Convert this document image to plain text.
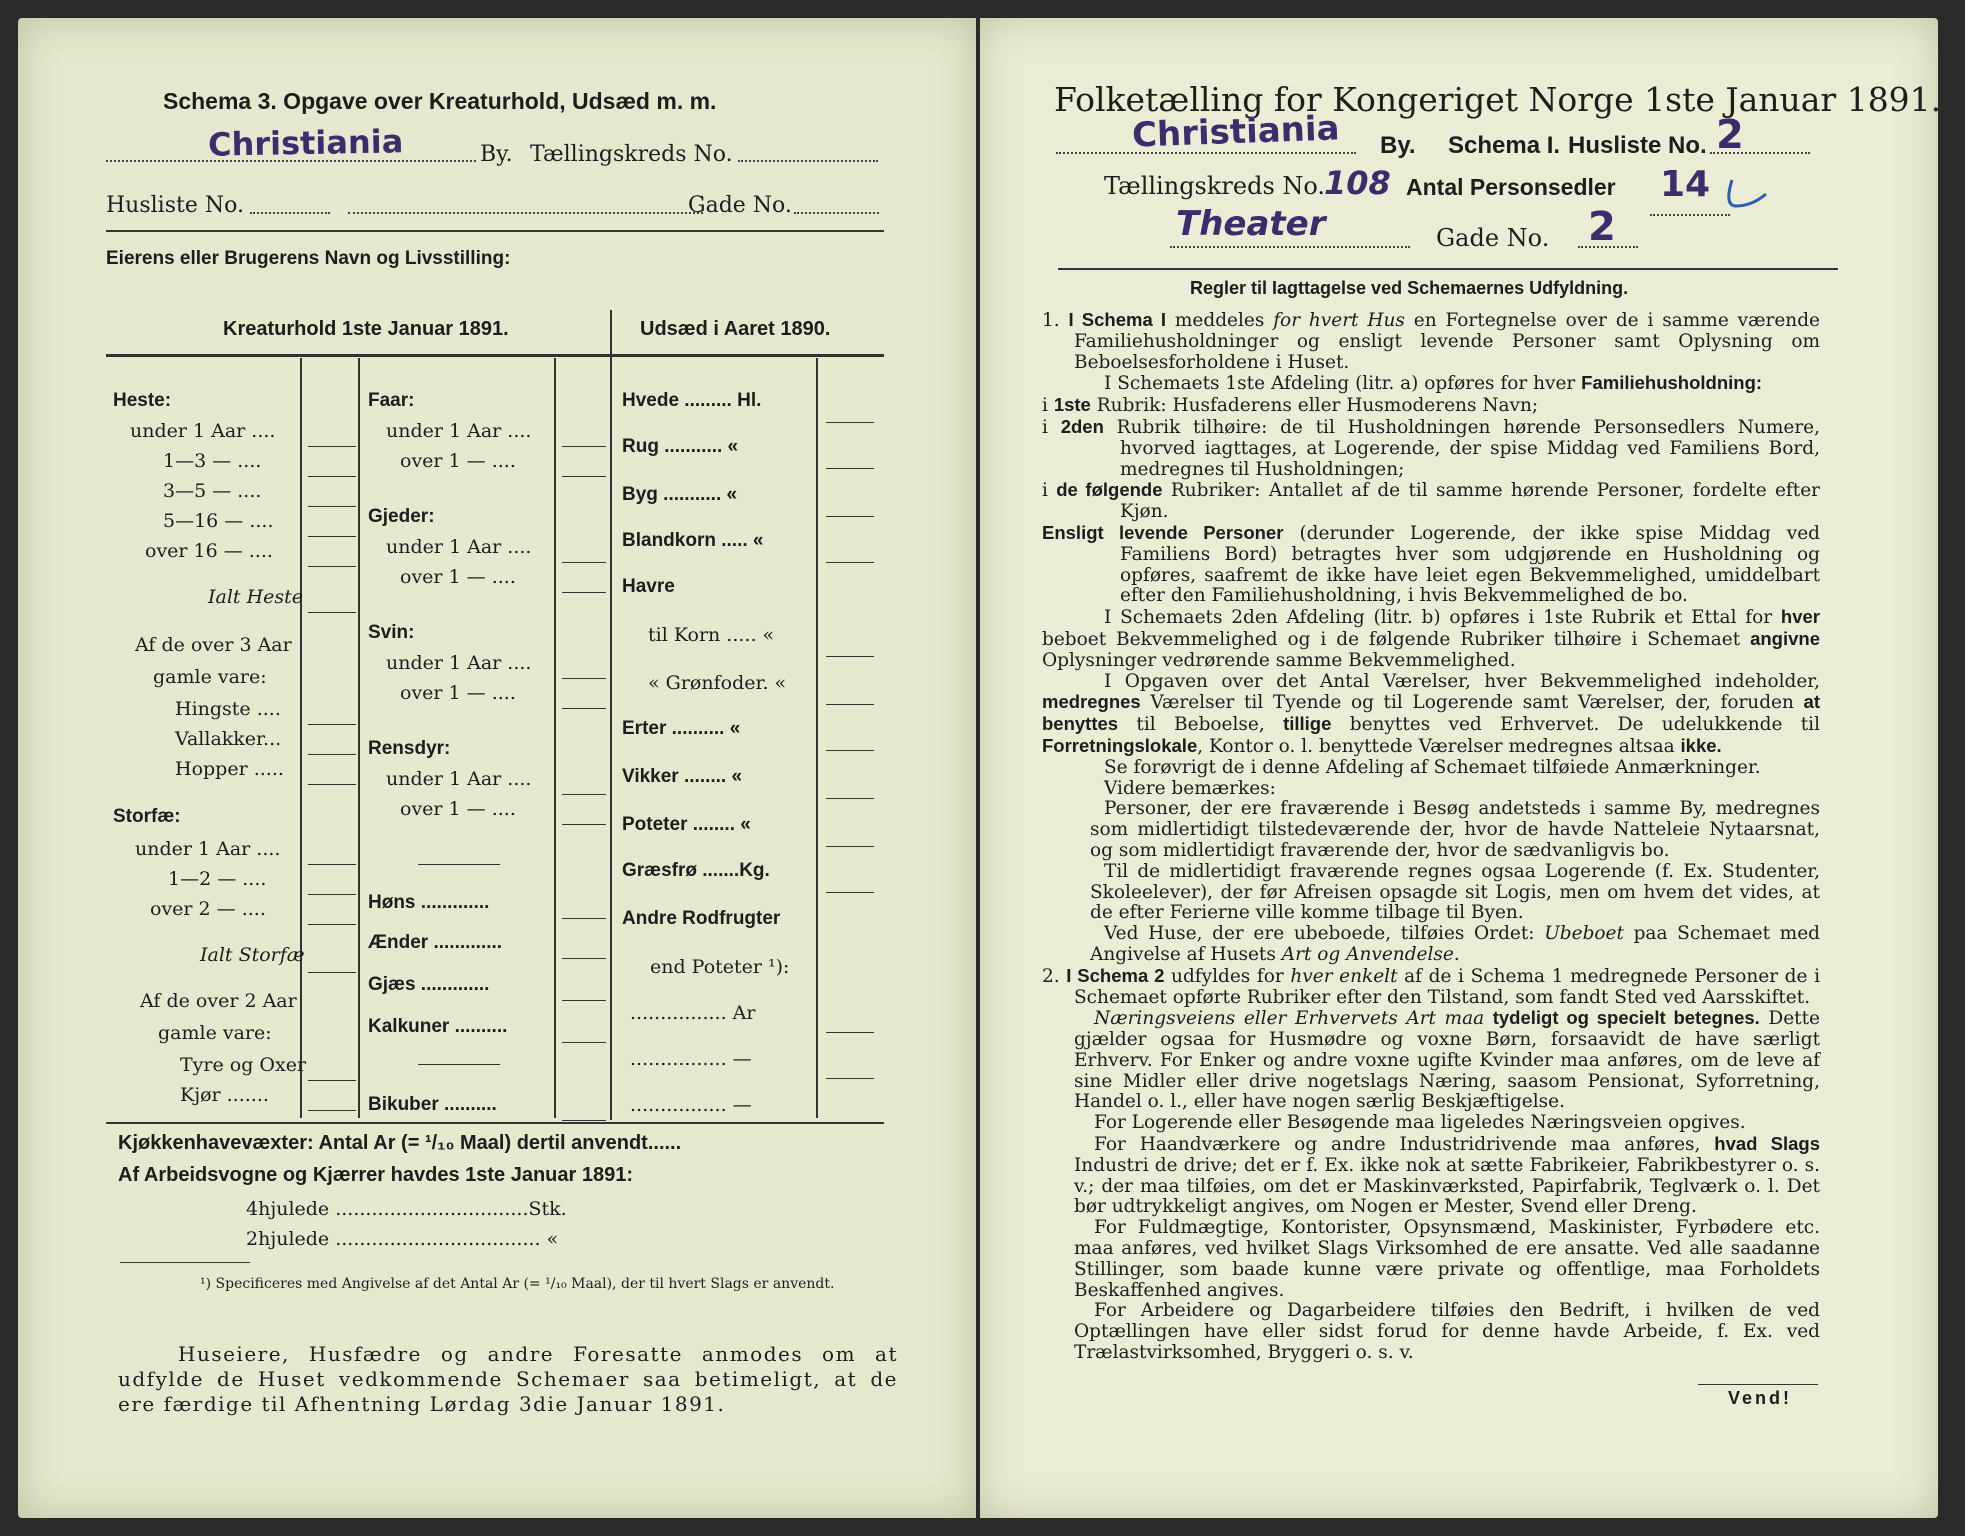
Schema 3. Opgave over Kreaturhold, Udsæd m. m.
Christiania	By. Tællingskreds No.
Husliste No.	Gade No.
Eierens eller Brugerens Navn og Livsstilling:
Kreaturhold 1ste Januar 1891.	Udsæd i Aaret 1890.
Heste:
under 1 Aar ....
1—3 — ....
3—5 — ....
5—16 — ....
over 16 — ....
Ialt Heste
Af de over 3 Aar
gamle vare:
Hingste ....
Vallakker...
Hopper .....
Storfæ:
under 1 Aar ....
1—2 — ....
over 2 — ....
Ialt Storfæ
Af de over 2 Aar
gamle vare:
Tyre og Oxer
Kjør .......
Faar:
under 1 Aar ....
over 1 — ....
Gjeder:
under 1 Aar ....
over 1 — ....
Svin:
under 1 Aar ....
over 1 — ....
Rensdyr:
under 1 Aar ....
over 1 — ....
Høns .............
Ænder .............
Gjæs .............
Kalkuner ..........
Bikuber ..........
Hvede ......... Hl.
Rug ........... «
Byg ........... «
Blandkorn ..... «
Havre
til Korn ..... «
« Grønfoder. «
Erter .......... «
Vikker ........ «
Poteter ........ «
Græsfrø .......Kg.
Andre Rodfrugter
end Poteter ¹):
................ Ar
................ —
................ —
Kjøkkenhavevæxter: Antal Ar (= ¹/₁₀ Maal) dertil anvendt......
Af Arbeidsvogne og Kjærrer havdes 1ste Januar 1891:
4hjulede ................................Stk.
2hjulede .................................. «
¹) Specificeres med Angivelse af det Antal Ar (= ¹/₁₀ Maal), der til hvert Slags er anvendt.
Huseiere, Husfædre og andre Foresatte anmodes om at udfylde de Huset vedkommende Schemaer saa betimeligt, at de ere færdige til Afhentning Lørdag 3die Januar 1891.
Folketælling for Kongeriget Norge 1ste Januar 1891.
Christiania By. Schema I. Husliste No. 2
Tællingskreds No.
108 Antal Personsedler 14
Theater	Gade No. 2
Regler til Iagttagelse ved Schemaernes Udfyldning.

1. I Schema I meddeles for hvert Hus en Fortegnelse over de i samme værende Familiehusholdninger og ensligt levende Personer samt Oplysning om Beboelsesforholdene i Huset.

I Schemaets 1ste Afdeling (litr. a) opføres for hver Familiehusholdning:

i 1ste Rubrik: Husfaderens eller Husmoderens Navn;

i 2den Rubrik tilhøire: de til Husholdningen hørende Personsedlers Numere, hvorved iagttages, at Logerende, der spise Middag ved Familiens Bord, medregnes til Husholdningen;

i de følgende Rubriker: Antallet af de til samme hørende Personer, fordelte efter Kjøn.

Ensligt levende Personer (derunder Logerende, der ikke spise Middag ved Familiens Bord) betragtes hver som udgjørende en Husholdning og opføres, saafremt de ikke have leiet egen Bekvemmelighed, umiddelbart efter den Familiehusholdning, i hvis Bekvemmelighed de bo.

I Schemaets 2den Afdeling (litr. b) opføres i 1ste Rubrik et Ettal for hver beboet Bekvemmelighed og i de følgende Rubriker tilhøire i Schemaet angivne Oplysninger vedrørende samme Bekvemmelighed.

I Opgaven over det Antal Værelser, hver Bekvemmelighed indeholder, medregnes Værelser til Tyende og til Logerende samt Værelser, der, foruden at benyttes til Beboelse, tillige benyttes ved Erhvervet. De udelukkende til Forretningslokale, Kontor o. l. benyttede Værelser medregnes altsaa ikke.

Se forøvrigt de i denne Afdeling af Schemaet tilføiede Anmærkninger.

Videre bemærkes:

Personer, der ere fraværende i Besøg andetsteds i samme By, medregnes som midlertidigt tilstedeværende der, hvor de havde Natteleie Nytaarsnat, og som midlertidigt fraværende der, hvor de sædvanligvis bo.

Til de midlertidigt fraværende regnes ogsaa Logerende (f. Ex. Studenter, Skoleelever), der før Afreisen opsagde sit Logis, men om hvem det vides, at de efter Ferierne ville komme tilbage til Byen.

Ved Huse, der ere ubeboede, tilføies Ordet: Ubeboet paa Schemaet med Angivelse af Husets Art og Anvendelse.

2. I Schema 2 udfyldes for hver enkelt af de i Schema 1 medregnede Personer de i Schemaet opførte Rubriker efter den Tilstand, som fandt Sted ved Aarsskiftet.

Næringsveiens eller Erhvervets Art maa tydeligt og specielt betegnes. Dette gjælder ogsaa for Husmødre og voxne Børn, forsaavidt de have særligt Erhverv. For Enker og andre voxne ugifte Kvinder maa anføres, om de leve af sine Midler eller drive nogetslags Næring, saasom Pensionat, Syforretning, Handel o. l., eller have nogen særlig Beskjæftigelse.

For Logerende eller Besøgende maa ligeledes Næringsveien opgives.

For Haandværkere og andre Industridrivende maa anføres, hvad Slags Industri de drive; det er f. Ex. ikke nok at sætte Fabrikeier, Fabrikbestyrer o. s. v.; der maa tilføies, om det er Maskinværksted, Papirfabrik, Teglværk o. l. Det bør udtrykkeligt angives, om Nogen er Mester, Svend eller Dreng.

For Fuldmægtige, Kontorister, Opsynsmænd, Maskinister, Fyrbødere etc. maa anføres, ved hvilket Slags Virksomhed de ere ansatte. Ved alle saadanne Stillinger, som baade kunne være private og offentlige, maa Forholdets Beskaffenhed angives.

For Arbeidere og Dagarbeidere tilføies den Bedrift, i hvilken de ved Optællingen have eller sidst forud for denne havde Arbeide, f. Ex. ved Trælastvirksomhed, Bryggeri o. s. v.

Vend!
